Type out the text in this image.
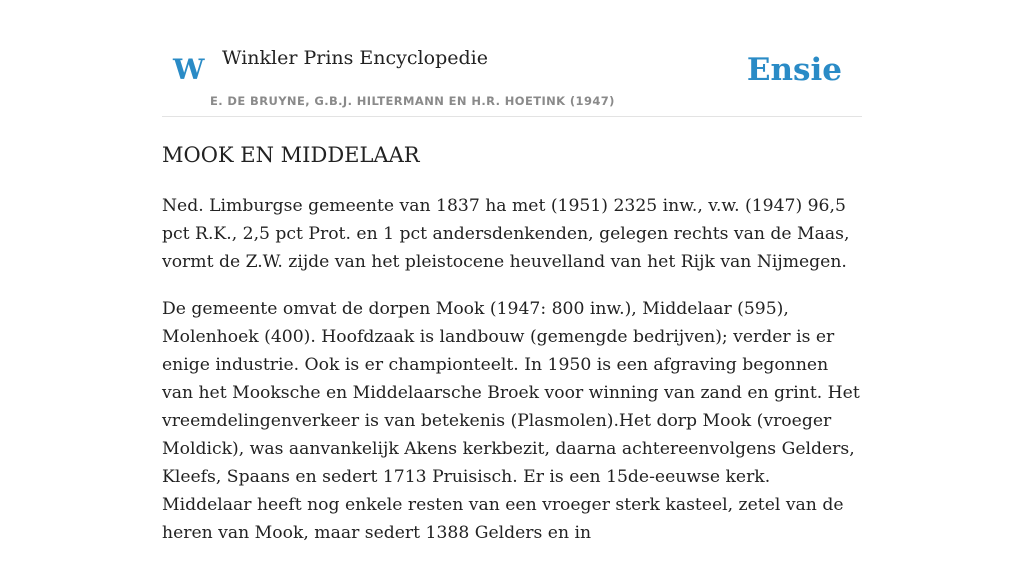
W Winkler Prins Encyclopedie
E. DE BRUYNE, G.B.J. HILTERMANN EN H.R. HOETINK (1947)
Ensie
MOOK EN MIDDELAAR

Ned. Limburgse gemeente van 1837 ha met (1951) 2325 inw., v.w. (1947) 96,5 pct R.K., 2,5 pct Prot. en 1 pct andersdenkenden, gelegen rechts van de Maas, vormt de Z.W. zijde van het pleistocene heuvelland van het Rijk van Nijmegen.

De gemeente omvat de dorpen Mook (1947: 800 inw.), Middelaar (595), Molenhoek (400). Hoofdzaak is landbouw (gemengde bedrijven); verder is er enige industrie. Ook is er championteelt. In 1950 is een afgraving begonnen van het Mooksche en Middelaarsche Broek voor winning van zand en grint. Het vreemdelingenverkeer is van betekenis (Plasmolen).Het dorp Mook (vroeger Moldick), was aanvankelijk Akens kerkbezit, daarna achtereenvolgens Gelders, Kleefs, Spaans en sedert 1713 Pruisisch. Er is een 15de-eeuwse kerk. Middelaar heeft nog enkele resten van een vroeger sterk kasteel, zetel van de heren van Mook, maar sedert 1388 Gelders en in
